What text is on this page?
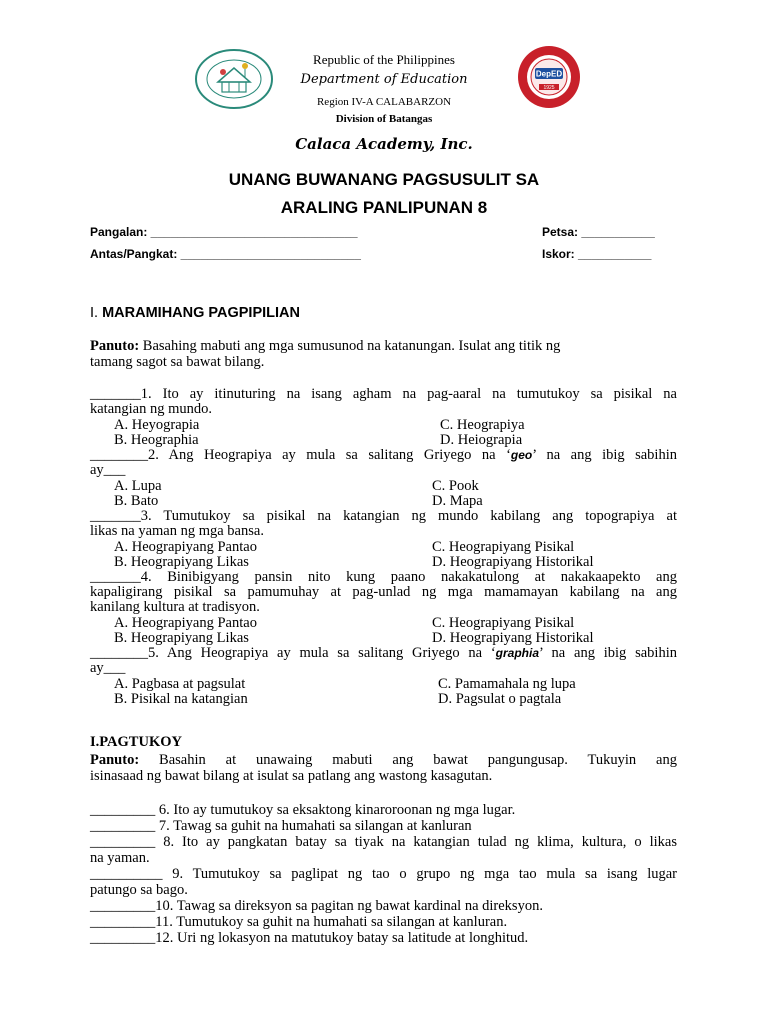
DepED
1925
Republic of the Philippines
Department of Education
Region IV-A CALABARZON
Division of Batangas
Calaca Academy, Inc.
UNANG BUWANANG PAGSUSULIT SA
ARALING PANLIPUNAN 8
Pangalan: _______________________________	Petsa: ___________
Antas/Pangkat: ___________________________	Iskor: ___________
I. MARAMIHANG PAGPIPILIAN
Panuto: Basahing mabuti ang mga sumusunod na katanungan. Isulat ang titik ng
tamang sagot sa bawat bilang.
_______1. Ito ay itinuturing na isang agham na pag-aaral na tumutukoy sa pisikal na
katangian ng mundo.
A. Heyograpia	C. Heograpiya
B. Heographia	D. Heiograpia
________2. Ang Heograpiya ay mula sa salitang Griyego na ‘geo’ na ang ibig sabihin
ay___
A. Lupa	C. Pook
B. Bato	D. Mapa
_______3. Tumutukoy sa pisikal na katangian ng mundo kabilang ang topograpiya at
likas na yaman ng mga bansa.
A. Heograpiyang Pantao	C. Heograpiyang Pisikal
B. Heograpiyang Likas	D. Heograpiyang Historikal
_______4. Binibigyang pansin nito kung paano nakakatulong at nakakaapekto ang
kapaligirang pisikal sa pamumuhay at pag-unlad ng mga mamamayan kabilang na ang
kanilang kultura at tradisyon.
A. Heograpiyang Pantao	C. Heograpiyang Pisikal
B. Heograpiyang Likas	D. Heograpiyang Historikal
________5. Ang Heograpiya ay mula sa salitang Griyego na ‘graphia’ na ang ibig sabihin
ay___
A. Pagbasa at pagsulat	C. Pamamahala ng lupa
B. Pisikal na katangian	D. Pagsulat o pagtala
I.PAGTUKOY
Panuto: Basahin at unawaing mabuti ang bawat pangungusap. Tukuyin ang
isinasaad ng bawat bilang at isulat sa patlang ang wastong kasagutan.
_________ 6. Ito ay tumutukoy sa eksaktong kinaroroonan ng mga lugar.
_________ 7. Tawag sa guhit na humahati sa silangan at kanluran
_________ 8. Ito ay pangkatan batay sa tiyak na katangian tulad ng klima, kultura, o likas
na yaman.
__________ 9. Tumutukoy sa paglipat ng tao o grupo ng mga tao mula sa isang lugar
patungo sa bago.
_________10. Tawag sa direksyon sa pagitan ng bawat kardinal na direksyon.
_________11. Tumutukoy sa guhit na humahati sa silangan at kanluran.
_________12. Uri ng lokasyon na matutukoy batay sa latitude at longhitud.
